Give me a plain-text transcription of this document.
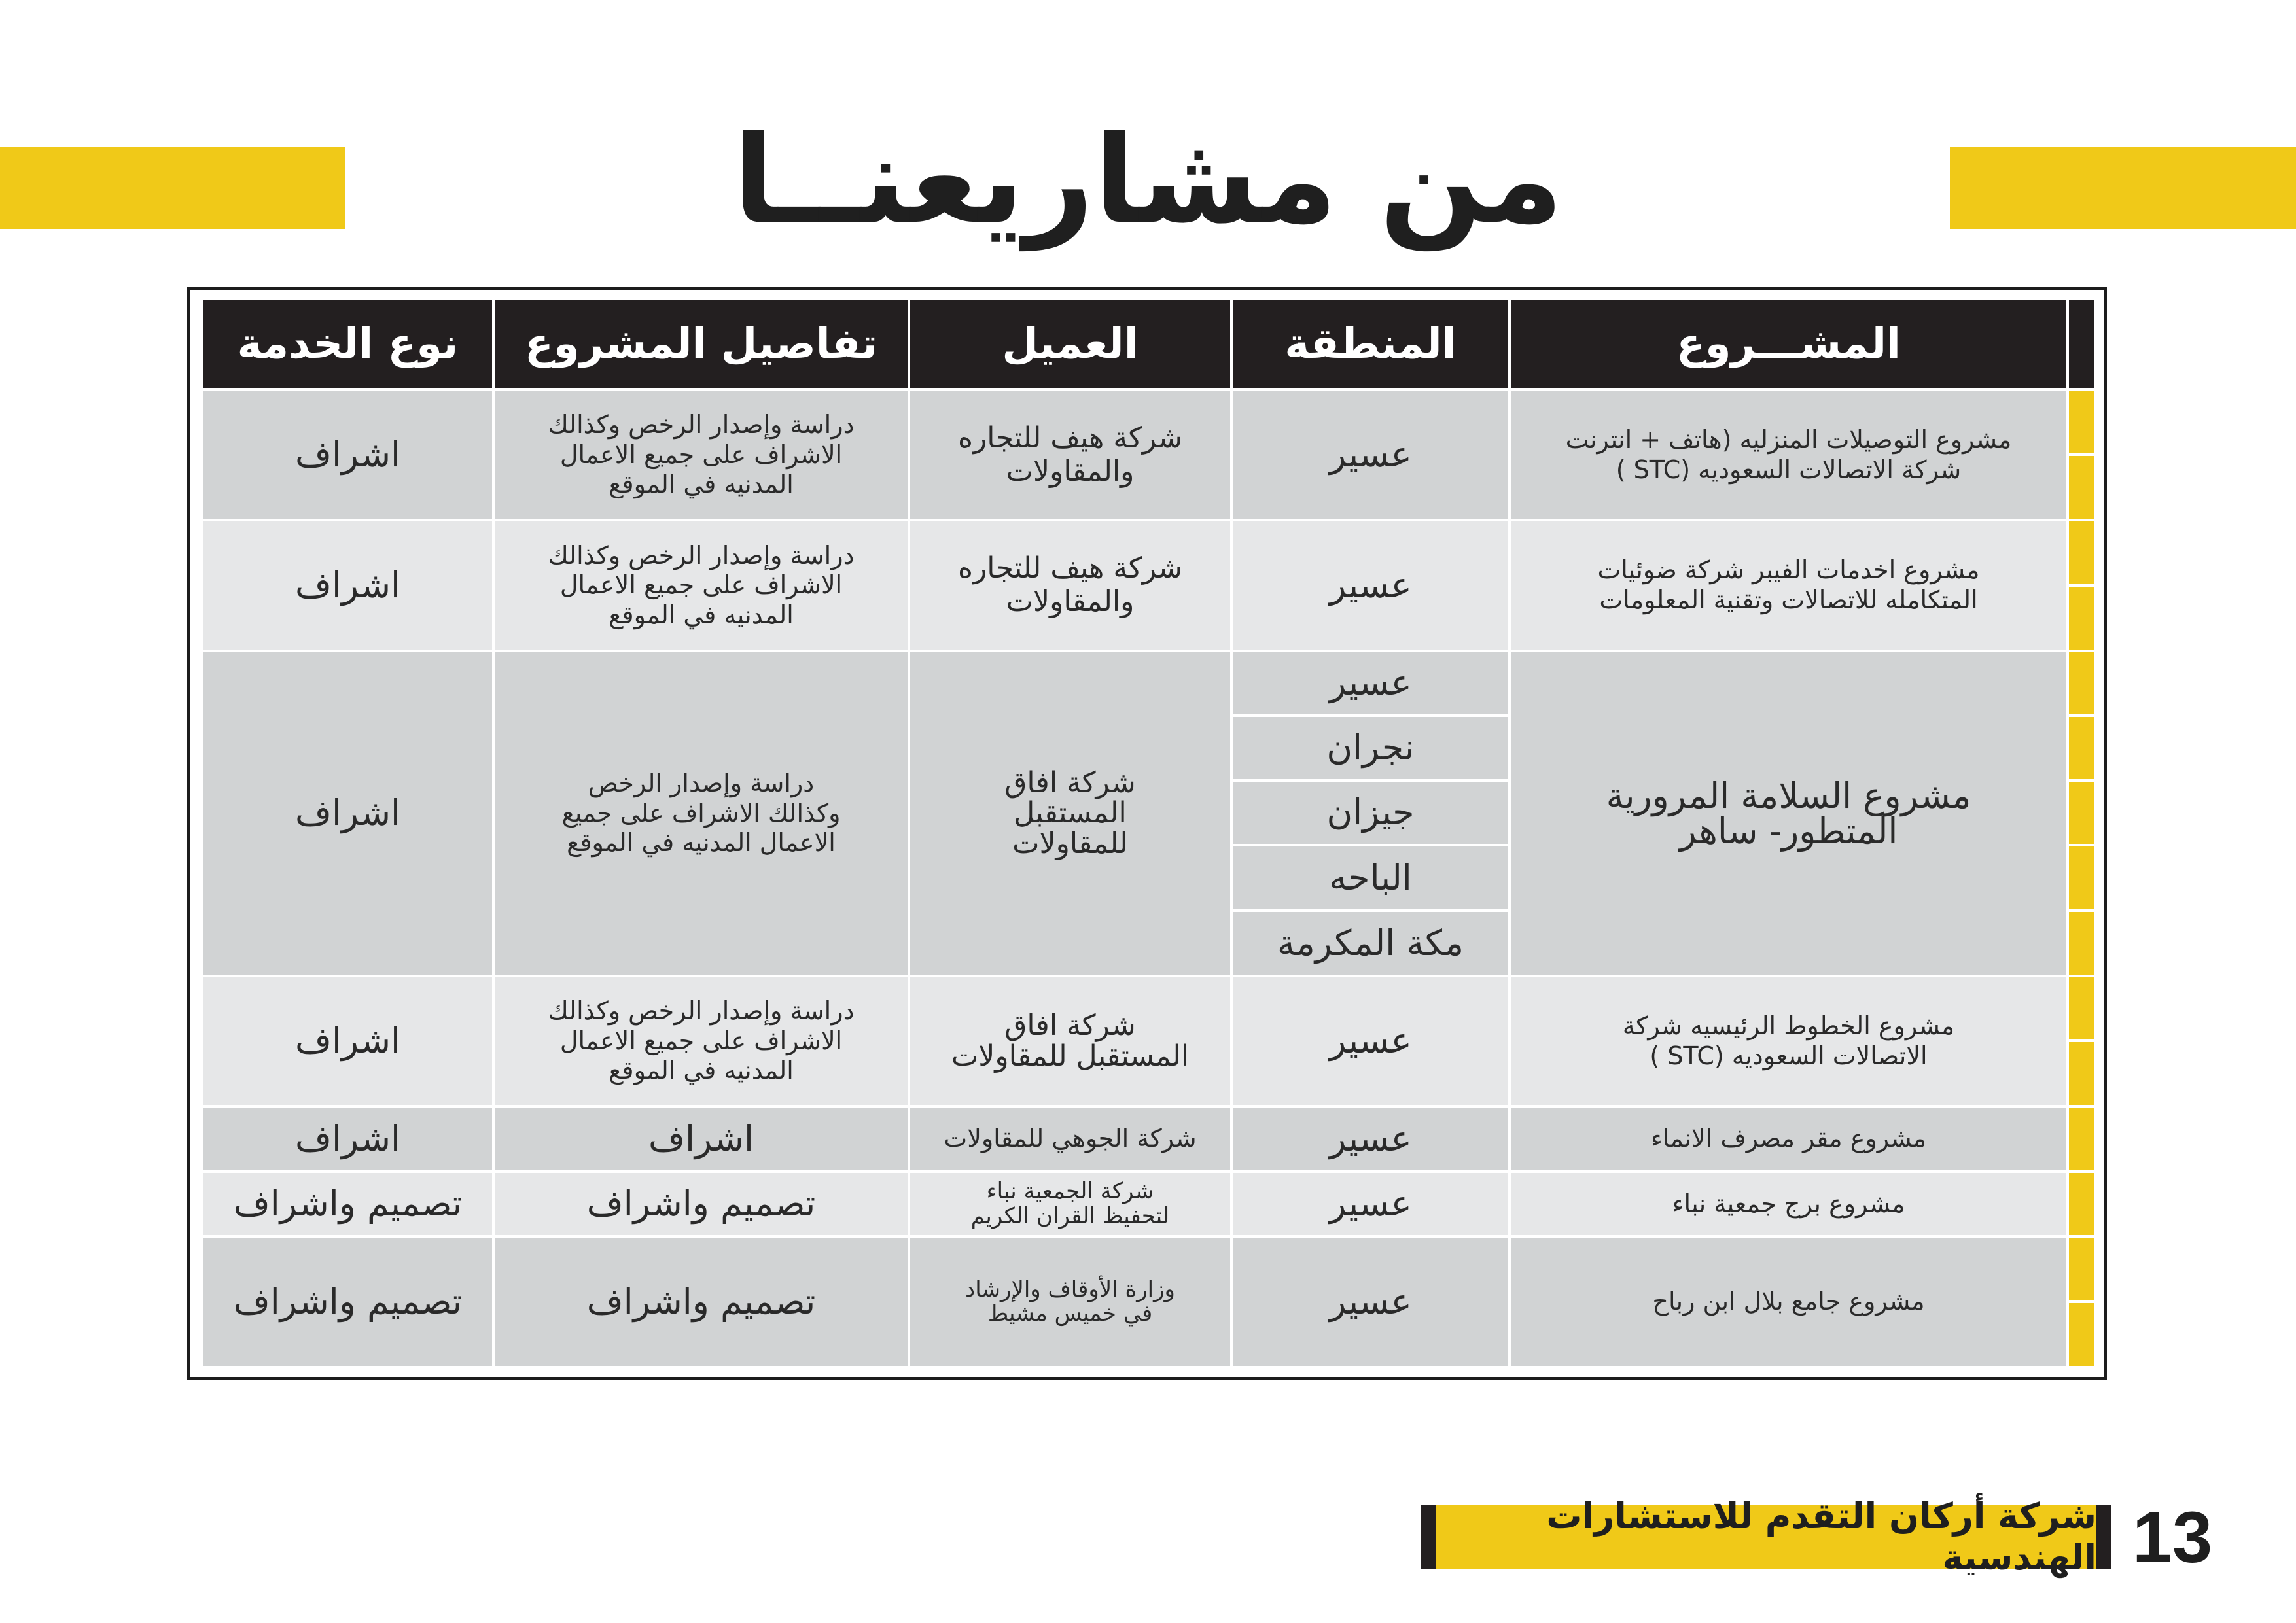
من مشاريعنــا
المشـــروع
المنطقة
العميل
تفاصيل المشروع
نوع الخدمة
مشروع التوصيلات المنزليه (هاتف + انترنت
شركة الاتصالات السعوديه (STC )
عسير
شركة هيف للتجاره
والمقاولات
دراسة وإصدار الرخص وكذالك
الاشراف على جميع الاعمال
المدنيه في الموقع
اشراف
مشروع اخدمات الفيبر شركة ضوئيات
المتكامله للاتصالات وتقنية المعلومات
عسير
شركة هيف للتجاره
والمقاولات
دراسة وإصدار الرخص وكذالك
الاشراف على جميع الاعمال
المدنيه في الموقع
اشراف
مشروع السلامة المرورية
المتطور- ساهر
عسير
نجران
جيزان
الباحه
مكة المكرمة
شركة افاق
المستقبل
للمقاولات
دراسة وإصدار الرخص
وكذالك الاشراف على جميع
الاعمال المدنيه في الموقع
اشراف
مشروع الخطوط الرئيسيه شركة
الاتصالات السعوديه (STC )
عسير
شركة افاق
المستقبل للمقاولات
دراسة وإصدار الرخص وكذالك
الاشراف على جميع الاعمال
المدنيه في الموقع
اشراف
مشروع مقر مصرف الانماء
عسير
شركة الجوهي للمقاولات
اشراف
اشراف
مشروع برج جمعية نباء
عسير
شركة الجمعية نباء
لتحفيظ القران الكريم
تصميم واشراف
تصميم واشراف
مشروع جامع بلال ابن رباح
عسير
وزارة الأوقاف والإرشاد
في خميس مشيط
تصميم واشراف
تصميم واشراف
شركة أركان التقدم للاستشارات الهندسية 13
